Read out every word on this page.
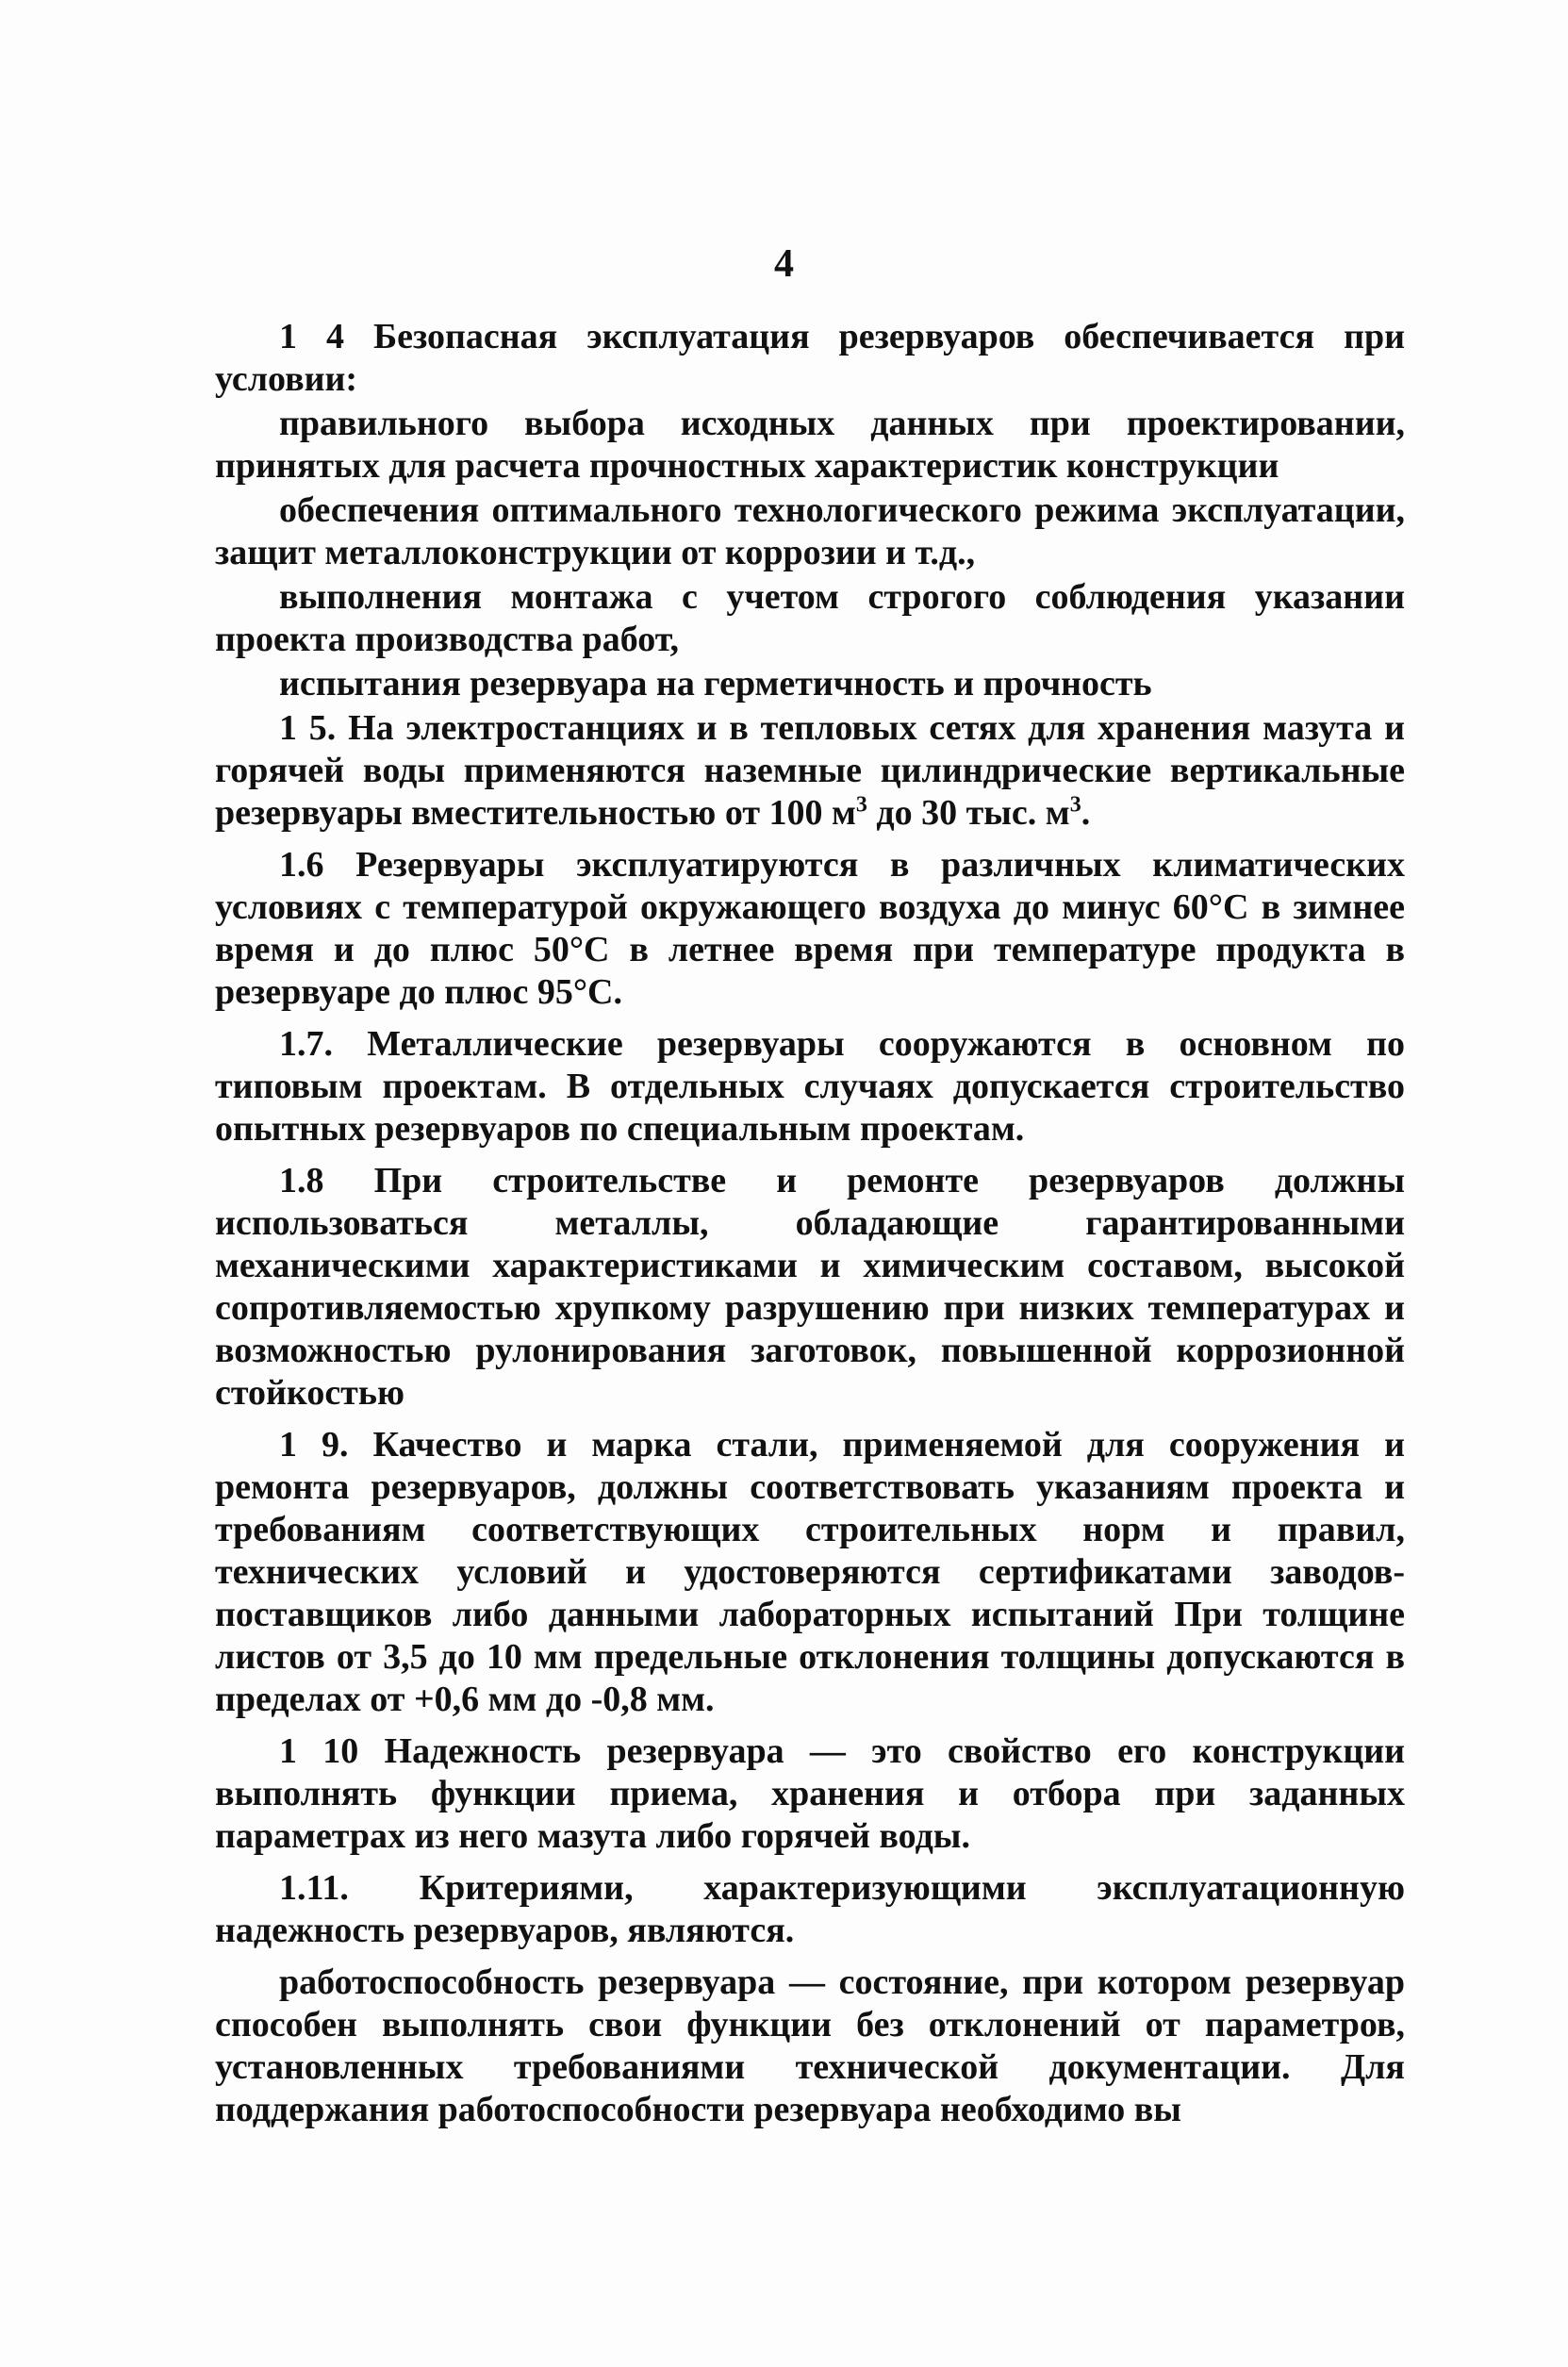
4

1 4 Безопасная эксплуатация резервуаров обеспечивается при условии:

правильного выбора исходных данных при проектировании, принятых для расчета прочностных характеристик конструкции

обеспечения оптимального технологического режима эксплуатации, защит металлоконструкции от коррозии и т.д.,

выполнения монтажа с учетом строгого соблюдения указании проекта производства работ,

испытания резервуара на герметичность и прочность

1 5. На электростанциях и в тепловых сетях для хранения мазута и горячей воды применяются наземные цилиндрические вертикальные резервуары вместительностью от 100 $м^3$ до 30 тыс. $м^3$.

1.6 Резервуары эксплуатируются в различных климатических условиях с температурой окружающего воздуха до минус 60°С в зимнее время и до плюс 50°С в летнее время при температуре продукта в резервуаре до плюс 95°С.

1.7. Металлические резервуары сооружаются в основном по типовым проектам. В отдельных случаях допускается строительство опытных резервуаров по специальным проектам.

1.8 При строительстве и ремонте резервуаров должны использоваться металлы, обладающие гарантированными механическими характеристиками и химическим составом, высокой сопротивляемостью хрупкому разрушению при низких температурах и возможностью рулонирования заготовок, повышенной коррозионной стойкостью

1 9. Качество и марка стали, применяемой для сооружения и ремонта резервуаров, должны соответствовать указаниям проекта и требованиям соответствующих строительных норм и правил, технических условий и удостоверяются сертификатами заводов-поставщиков либо данными лабораторных испытаний При толщине листов от 3,5 до 10 мм предельные отклонения толщины допускаются в пределах от +0,6 мм до -0,8 мм.

1 10 Надежность резервуара — это свойство его конструкции выполнять функции приема, хранения и отбора при заданных параметрах из него мазута либо горячей воды.

1.11. Критериями, характеризующими эксплуатационную надежность резервуаров, являются.

работоспособность резервуара — состояние, при котором резервуар способен выполнять свои функции без отклонений от параметров, установленных требованиями технической документации. Для поддержания работоспособности резервуара необходимо вы
